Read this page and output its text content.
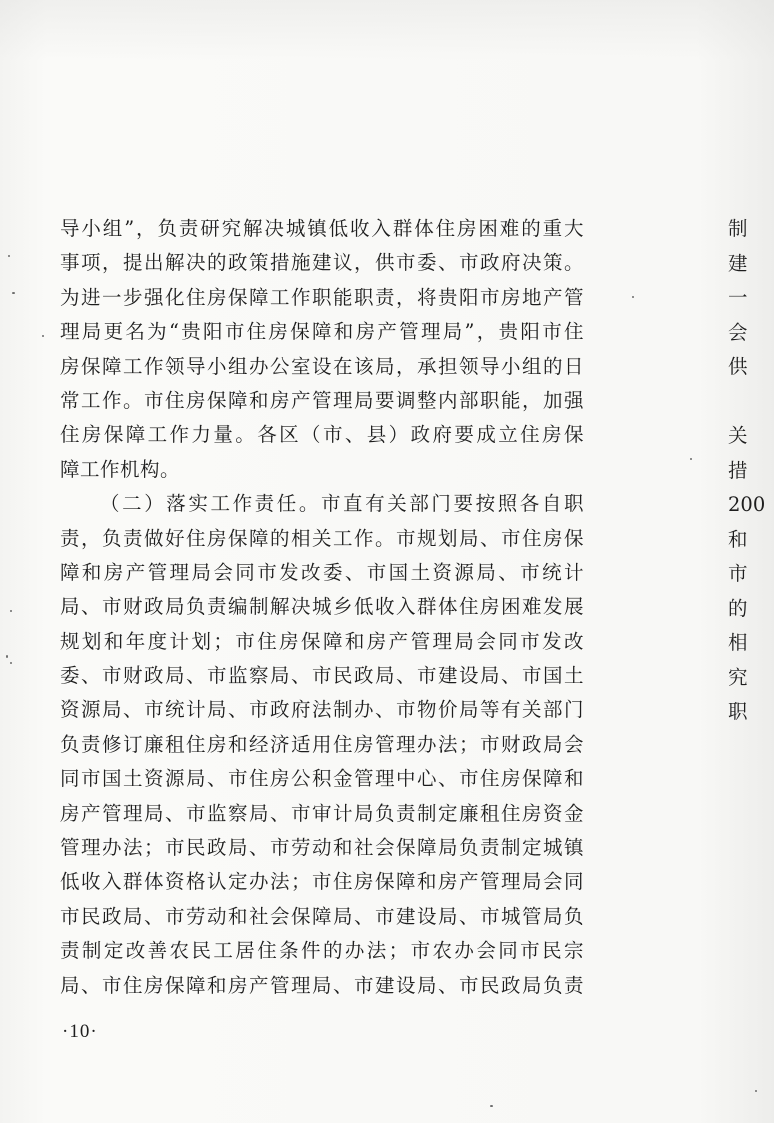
导小组”，负责研究解决城镇低收入群体住房困难的重大
事项，提出解决的政策措施建议，供市委、市政府决策。
为进一步强化住房保障工作职能职责，将贵阳市房地产管
理局更名为“贵阳市住房保障和房产管理局”，贵阳市住
房保障工作领导小组办公室设在该局，承担领导小组的日
常工作。市住房保障和房产管理局要调整内部职能，加强
住房保障工作力量。各区（市、县）政府要成立住房保
障工作机构。
（二）落实工作责任。市直有关部门要按照各自职
责，负责做好住房保障的相关工作。市规划局、市住房保
障和房产管理局会同市发改委、市国土资源局、市统计
局、市财政局负责编制解决城乡低收入群体住房困难发展
规划和年度计划；市住房保障和房产管理局会同市发改
委、市财政局、市监察局、市民政局、市建设局、市国土
资源局、市统计局、市政府法制办、市物价局等有关部门
负责修订廉租住房和经济适用住房管理办法；市财政局会
同市国土资源局、市住房公积金管理中心、市住房保障和
房产管理局、市监察局、市审计局负责制定廉租住房资金
管理办法；市民政局、市劳动和社会保障局负责制定城镇
低收入群体资格认定办法；市住房保障和房产管理局会同
市民政局、市劳动和社会保障局、市建设局、市城管局负
责制定改善农民工居住条件的办法；市农办会同市民宗
局、市住房保障和房产管理局、市建设局、市民政局负责
·10·
制
建
一
会
供
关
措
200
和
市
的
相
究
职
